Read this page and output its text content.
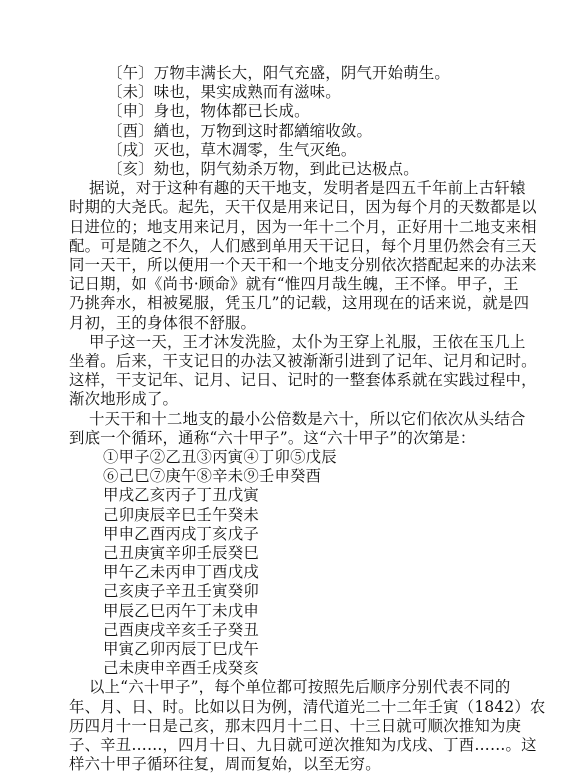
〔午〕万物丰满长大，阳气充盛，阴气开始萌生。
〔未〕味也，果实成熟而有滋味。
〔申〕身也，物体都已长成。
〔酉〕緧也，万物到这时都緧缩收敛。
〔戌〕灭也，草木凋零，生气灭绝。
〔亥〕劾也，阴气劾杀万物，到此已达极点。
据说，对于这种有趣的天干地支，发明者是四五千年前上古轩辕
时期的大尧氏。起先，天干仅是用来记日，因为每个月的天数都是以
日进位的；地支用来记月，因为一年十二个月，正好用十二地支来相
配。可是随之不久，人们感到单用天干记日，每个月里仍然会有三天
同一天干，所以便用一个天干和一个地支分别依次搭配起来的办法来
记日期，如《尚书·顾命》就有“惟四月哉生魄，王不怿。甲子，王
乃挑奔水，相被冕服，凭玉几”的记载，这用现在的话来说，就是四
月初，王的身体很不舒服。
甲子这一天，王才沐发洗脸，太仆为王穿上礼服，王依在玉几上
坐着。后来，干支记日的办法又被渐渐引进到了记年、记月和记时。
这样，干支记年、记月、记日、记时的一整套体系就在实践过程中，
渐次地形成了。
十天干和十二地支的最小公倍数是六十，所以它们依次从头结合
到底一个循环，通称“六十甲子”。这“六十甲子”的次第是：
①甲子②乙丑③丙寅④丁卯⑤戊辰
⑥己巳⑦庚午⑧辛未⑨壬申癸酉
甲戌乙亥丙子丁丑戊寅
己卯庚辰辛巳壬午癸未
甲申乙酉丙戌丁亥戊子
己丑庚寅辛卯壬辰癸巳
甲午乙未丙申丁酉戊戌
己亥庚子辛丑壬寅癸卯
甲辰乙巳丙午丁未戊申
己酉庚戌辛亥壬子癸丑
甲寅乙卯丙辰丁巳戊午
己未庚申辛酉壬戌癸亥
以上“六十甲子”，每个单位都可按照先后顺序分别代表不同的
年、月、日、时。比如以日为例，清代道光二十二年壬寅（1842）农
历四月十一日是己亥，那末四月十二日、十三日就可顺次推知为庚
子、辛丑……，四月十日、九日就可逆次推知为戊戌、丁酉……。这
样六十甲子循环往复，周而复始，以至无穷。
